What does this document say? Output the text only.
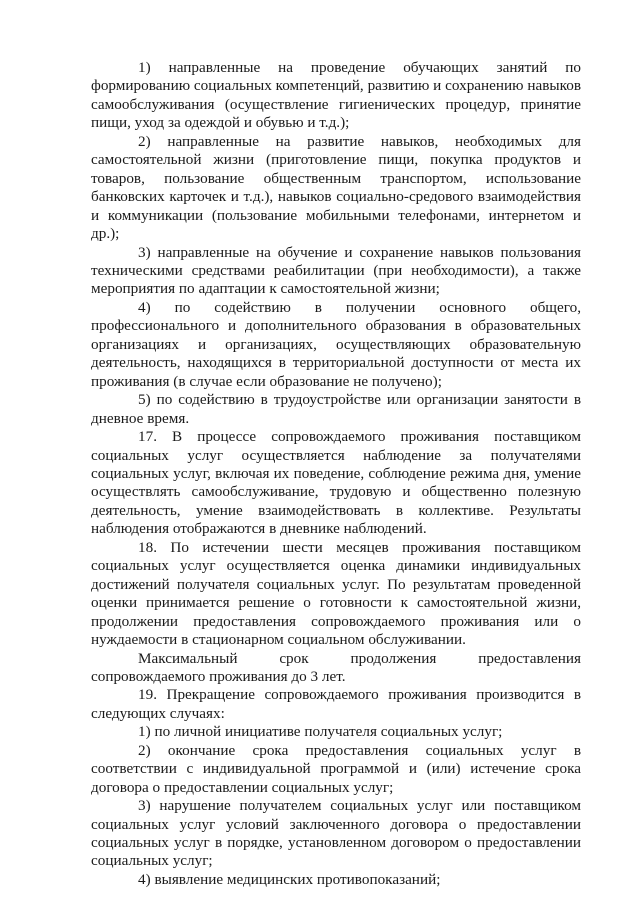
1) направленные на проведение обучающих занятий по формированию социальных компетенций, развитию и сохранению навыков самообслуживания (осуществление гигиенических процедур, принятие пищи, уход за одеждой и обувью и т.д.);

2) направленные на развитие навыков, необходимых для самостоятельной жизни (приготовление пищи, покупка продуктов и товаров, пользование общественным транспортом, использование банковских карточек и т.д.), навыков социально-средового взаимодействия и коммуникации (пользование мобильными телефонами, интернетом и др.);

3) направленные на обучение и сохранение навыков пользования техническими средствами реабилитации (при необходимости), а также мероприятия по адаптации к самостоятельной жизни;

4) по содействию в получении основного общего, профессионального и дополнительного образования в образовательных организациях и организациях, осуществляющих образовательную деятельность, находящихся в территориальной доступности от места их проживания (в случае если образование не получено);

5) по содействию в трудоустройстве или организации занятости в дневное время.

17. В процессе сопровождаемого проживания поставщиком социальных услуг осуществляется наблюдение за получателями социальных услуг, включая их поведение, соблюдение режима дня, умение осуществлять самообслуживание, трудовую и общественно полезную деятельность, умение взаимодействовать в коллективе. Результаты наблюдения отображаются в дневнике наблюдений.

18. По истечении шести месяцев проживания поставщиком социальных услуг осуществляется оценка динамики индивидуальных достижений получателя социальных услуг. По результатам проведенной оценки принимается решение о готовности к самостоятельной жизни, продолжении предоставления сопровождаемого проживания или о нуждаемости в стационарном социальном обслуживании.

Максимальный срок продолжения предоставления сопровождаемого проживания до 3 лет.

19. Прекращение сопровождаемого проживания производится в следующих случаях:

1) по личной инициативе получателя социальных услуг;

2) окончание срока предоставления социальных услуг в соответствии с индивидуальной программой и (или) истечение срока договора о предоставлении социальных услуг;

3) нарушение получателем социальных услуг или поставщиком социальных услуг условий заключенного договора о предоставлении социальных услуг в порядке, установленном договором о предоставлении социальных услуг;

4) выявление медицинских противопоказаний;
